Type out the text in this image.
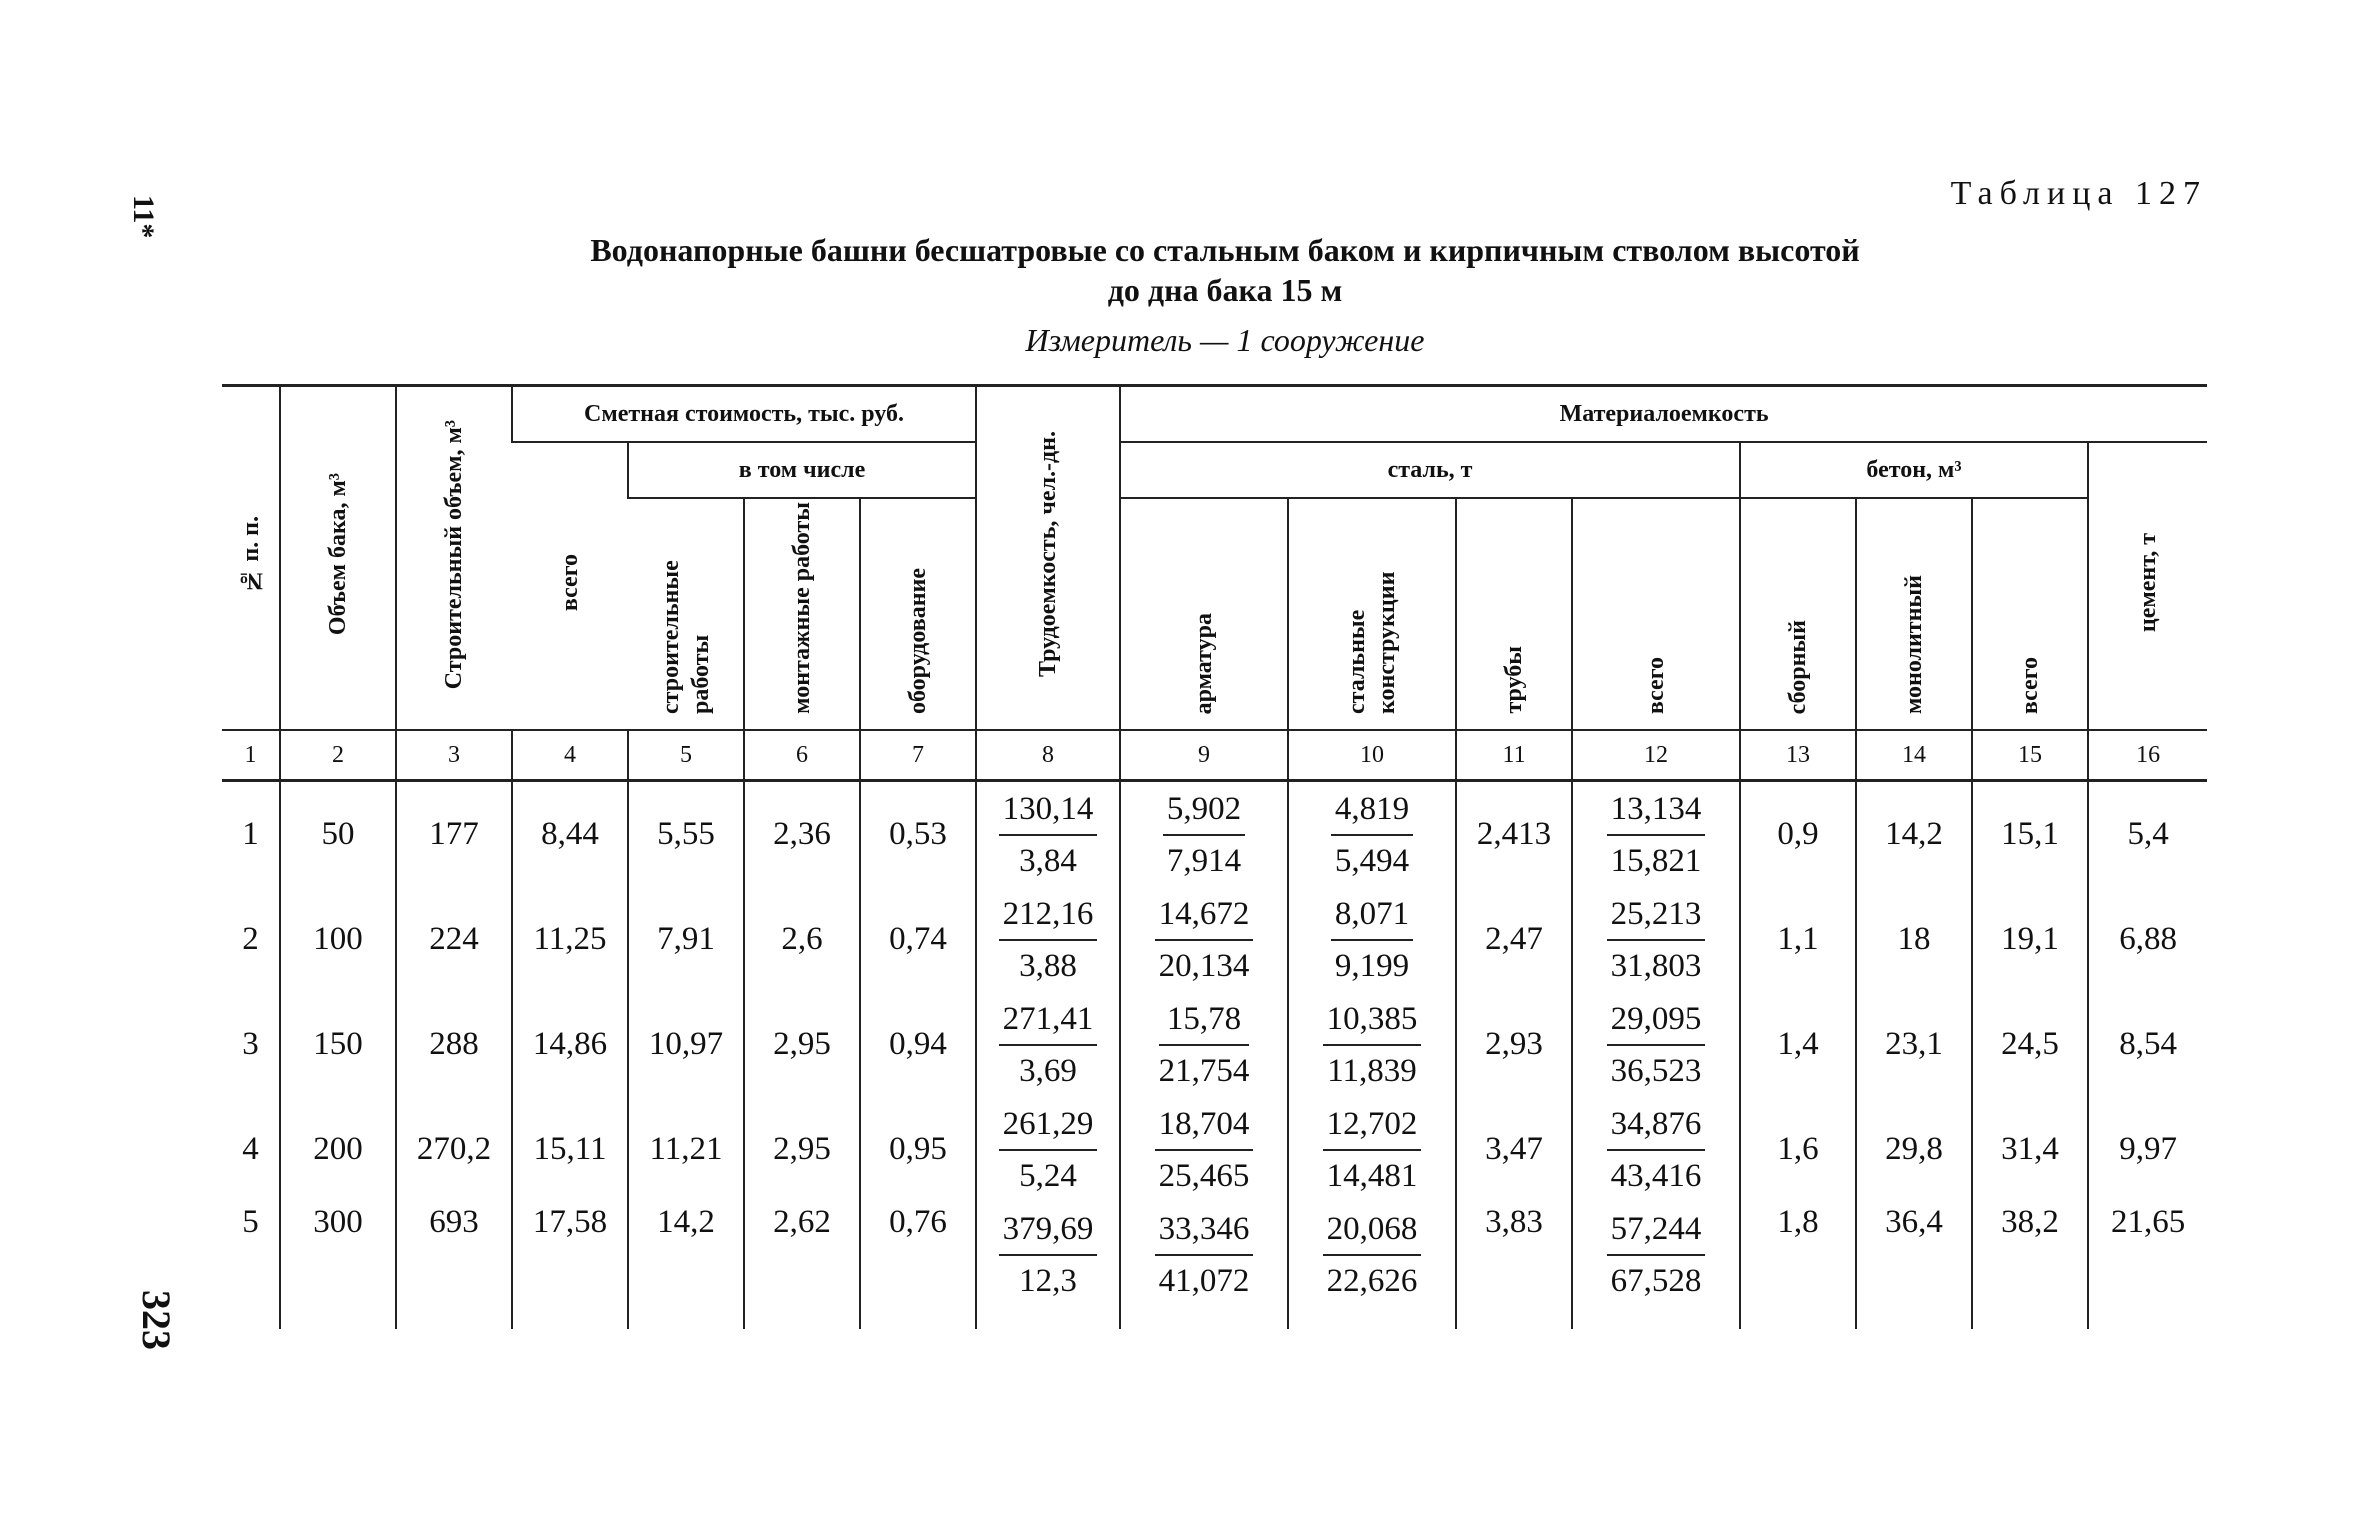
11*
323
Таблица 127
Водонапорные башни бесшатровые со стальным баком и кирпичным стволом высотой
до дна бака 15 м
Измеритель — 1 сооружение
№ п. п.	Объем бака, м³	Строительный объем, м³	Сметная стоимость, тыс. руб.				Трудоемкость, чел.-дн.	Материалоемкость							
			всего	в том числе				сталь, т				бетон, м³			цемент, т
				строительные работы	монтажные работы	оборудование		арматура	стальные конструкции	трубы	всего	сборный	монолитный	всего	
1	2	3	4	5	6	7	8	9	10	11	12	13	14	15	16
1	50	177	8,44	5,55	2,36	0,53	$\frac{130,14}{3,84}$	$\frac{5,902}{7,914}$	$\frac{4,819}{5,494}$	2,413	$\frac{13,134}{15,821}$	0,9	14,2	15,1	5,4
2	100	224	11,25	7,91	2,6	0,74	$\frac{212,16}{3,88}$	$\frac{14,672}{20,134}$	$\frac{8,071}{9,199}$	2,47	$\frac{25,213}{31,803}$	1,1	18	19,1	6,88
3	150	288	14,86	10,97	2,95	0,94	$\frac{271,41}{3,69}$	$\frac{15,78}{21,754}$	$\frac{10,385}{11,839}$	2,93	$\frac{29,095}{36,523}$	1,4	23,1	24,5	8,54
4	200	270,2	15,11	11,21	2,95	0,95	$\frac{261,29}{5,24}$	$\frac{18,704}{25,465}$	$\frac{12,702}{14,481}$	3,47	$\frac{34,876}{43,416}$	1,6	29,8	31,4	9,97
5	300	693	17,58	14,2	2,62	0,76	$\frac{379,69}{12,3}$	$\frac{33,346}{41,072}$	$\frac{20,068}{22,626}$	3,83	$\frac{57,244}{67,528}$	1,8	36,4	38,2	21,65
